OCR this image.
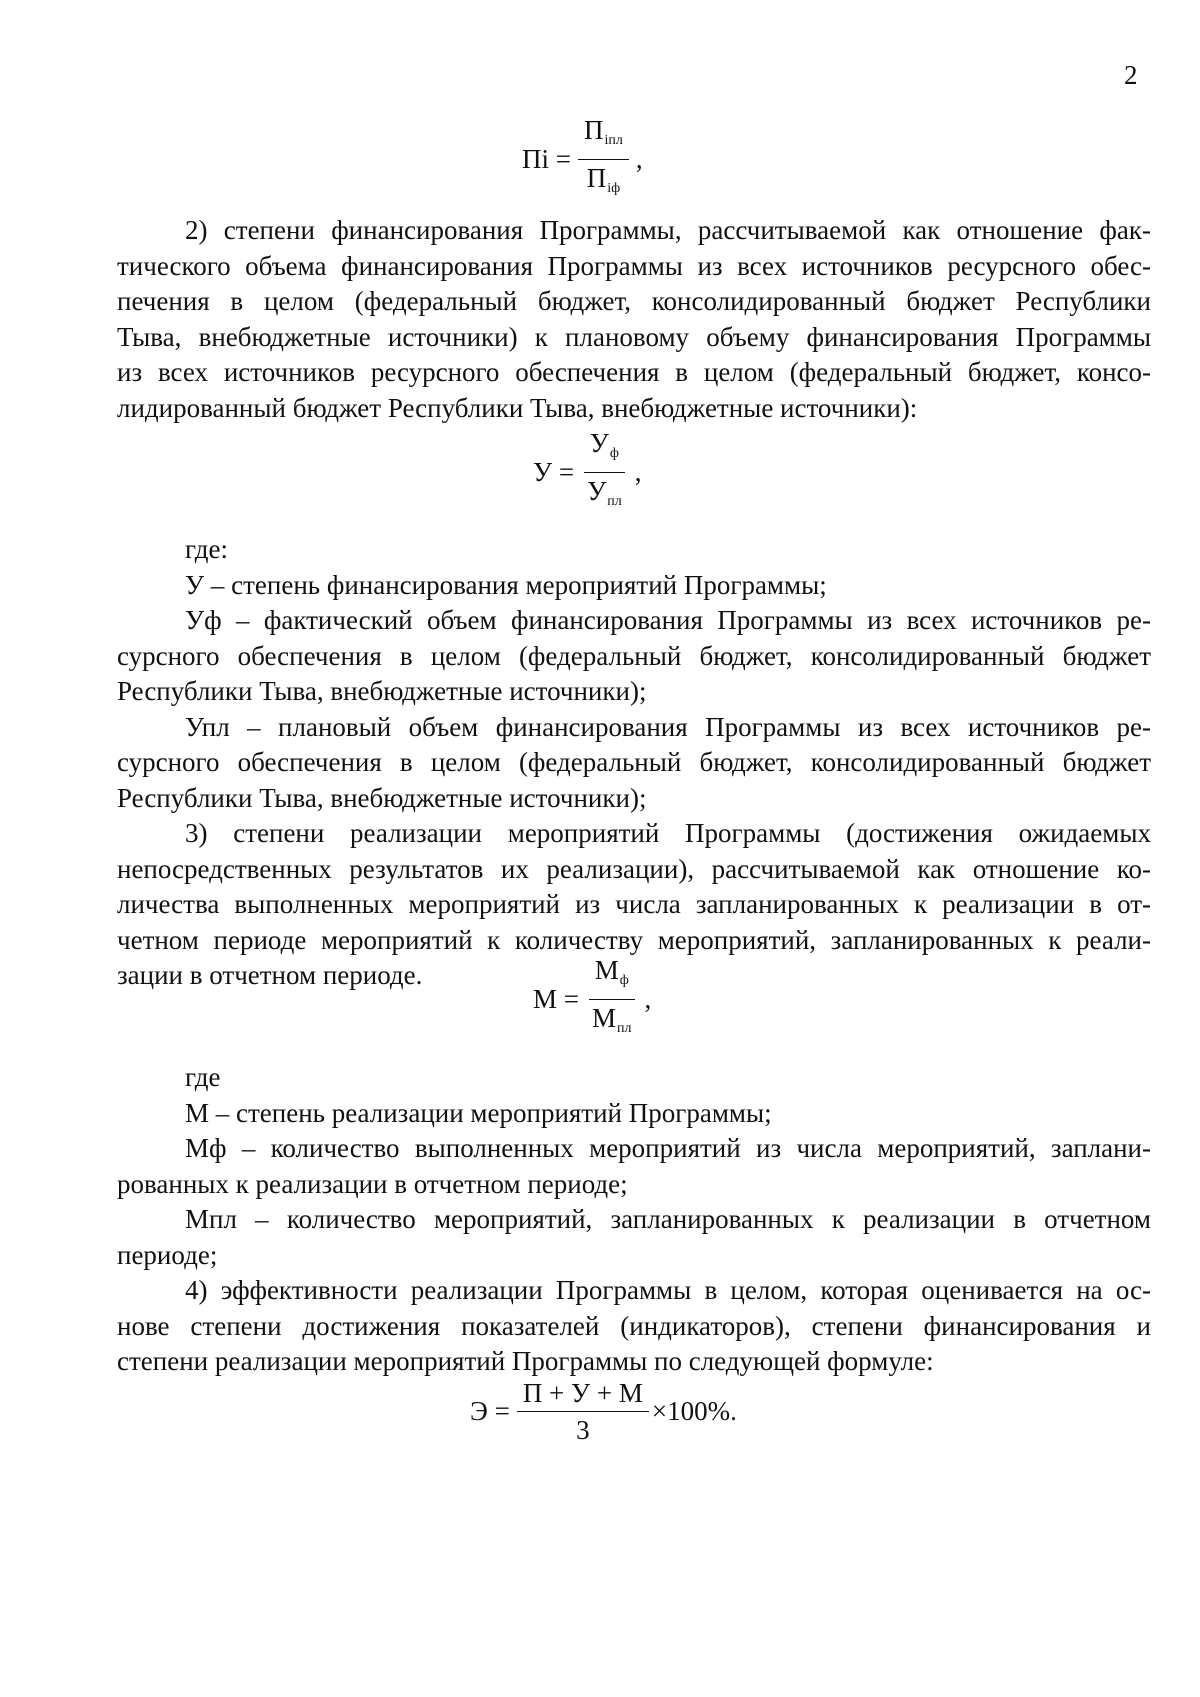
2
Пi = $\frac{П_{iпл}}{П_{iф}}$ ,
2) степени финансирования Программы, рассчитываемой как отношение фак-
тического объема финансирования Программы из всех источников ресурсного обес-
печения в целом (федеральный бюджет, консолидированный бюджет Республики
Тыва, внебюджетные источники) к плановому объему финансирования Программы
из всех источников ресурсного обеспечения в целом (федеральный бюджет, консо-
лидированный бюджет Республики Тыва, внебюджетные источники):
$У = \frac{У_ф}{У_{пл}}$ ,
где:
У – степень финансирования мероприятий Программы;
Уф – фактический объем финансирования Программы из всех источников ре-
сурсного обеспечения в целом (федеральный бюджет, консолидированный бюджет
Республики Тыва, внебюджетные источники);
Упл – плановый объем финансирования Программы из всех источников ре-
сурсного обеспечения в целом (федеральный бюджет, консолидированный бюджет
Республики Тыва, внебюджетные источники);
3) степени реализации мероприятий Программы (достижения ожидаемых
непосредственных результатов их реализации), рассчитываемой как отношение ко-
личества выполненных мероприятий из числа запланированных к реализации в от-
четном периоде мероприятий к количеству мероприятий, запланированных к реали-
зации в отчетном периоде.
$М = \frac{М_ф}{М_{пл}}$ ,
где
М – степень реализации мероприятий Программы;
Мф – количество выполненных мероприятий из числа мероприятий, заплани-
рованных к реализации в отчетном периоде;
Мпл – количество мероприятий, запланированных к реализации в отчетном
периоде;
4) эффективности реализации Программы в целом, которая оценивается на ос-
нове степени достижения показателей (индикаторов), степени финансирования и
степени реализации мероприятий Программы по следующей формуле:
$Э = \frac{П + У + М}{3} \times 100\%$.
